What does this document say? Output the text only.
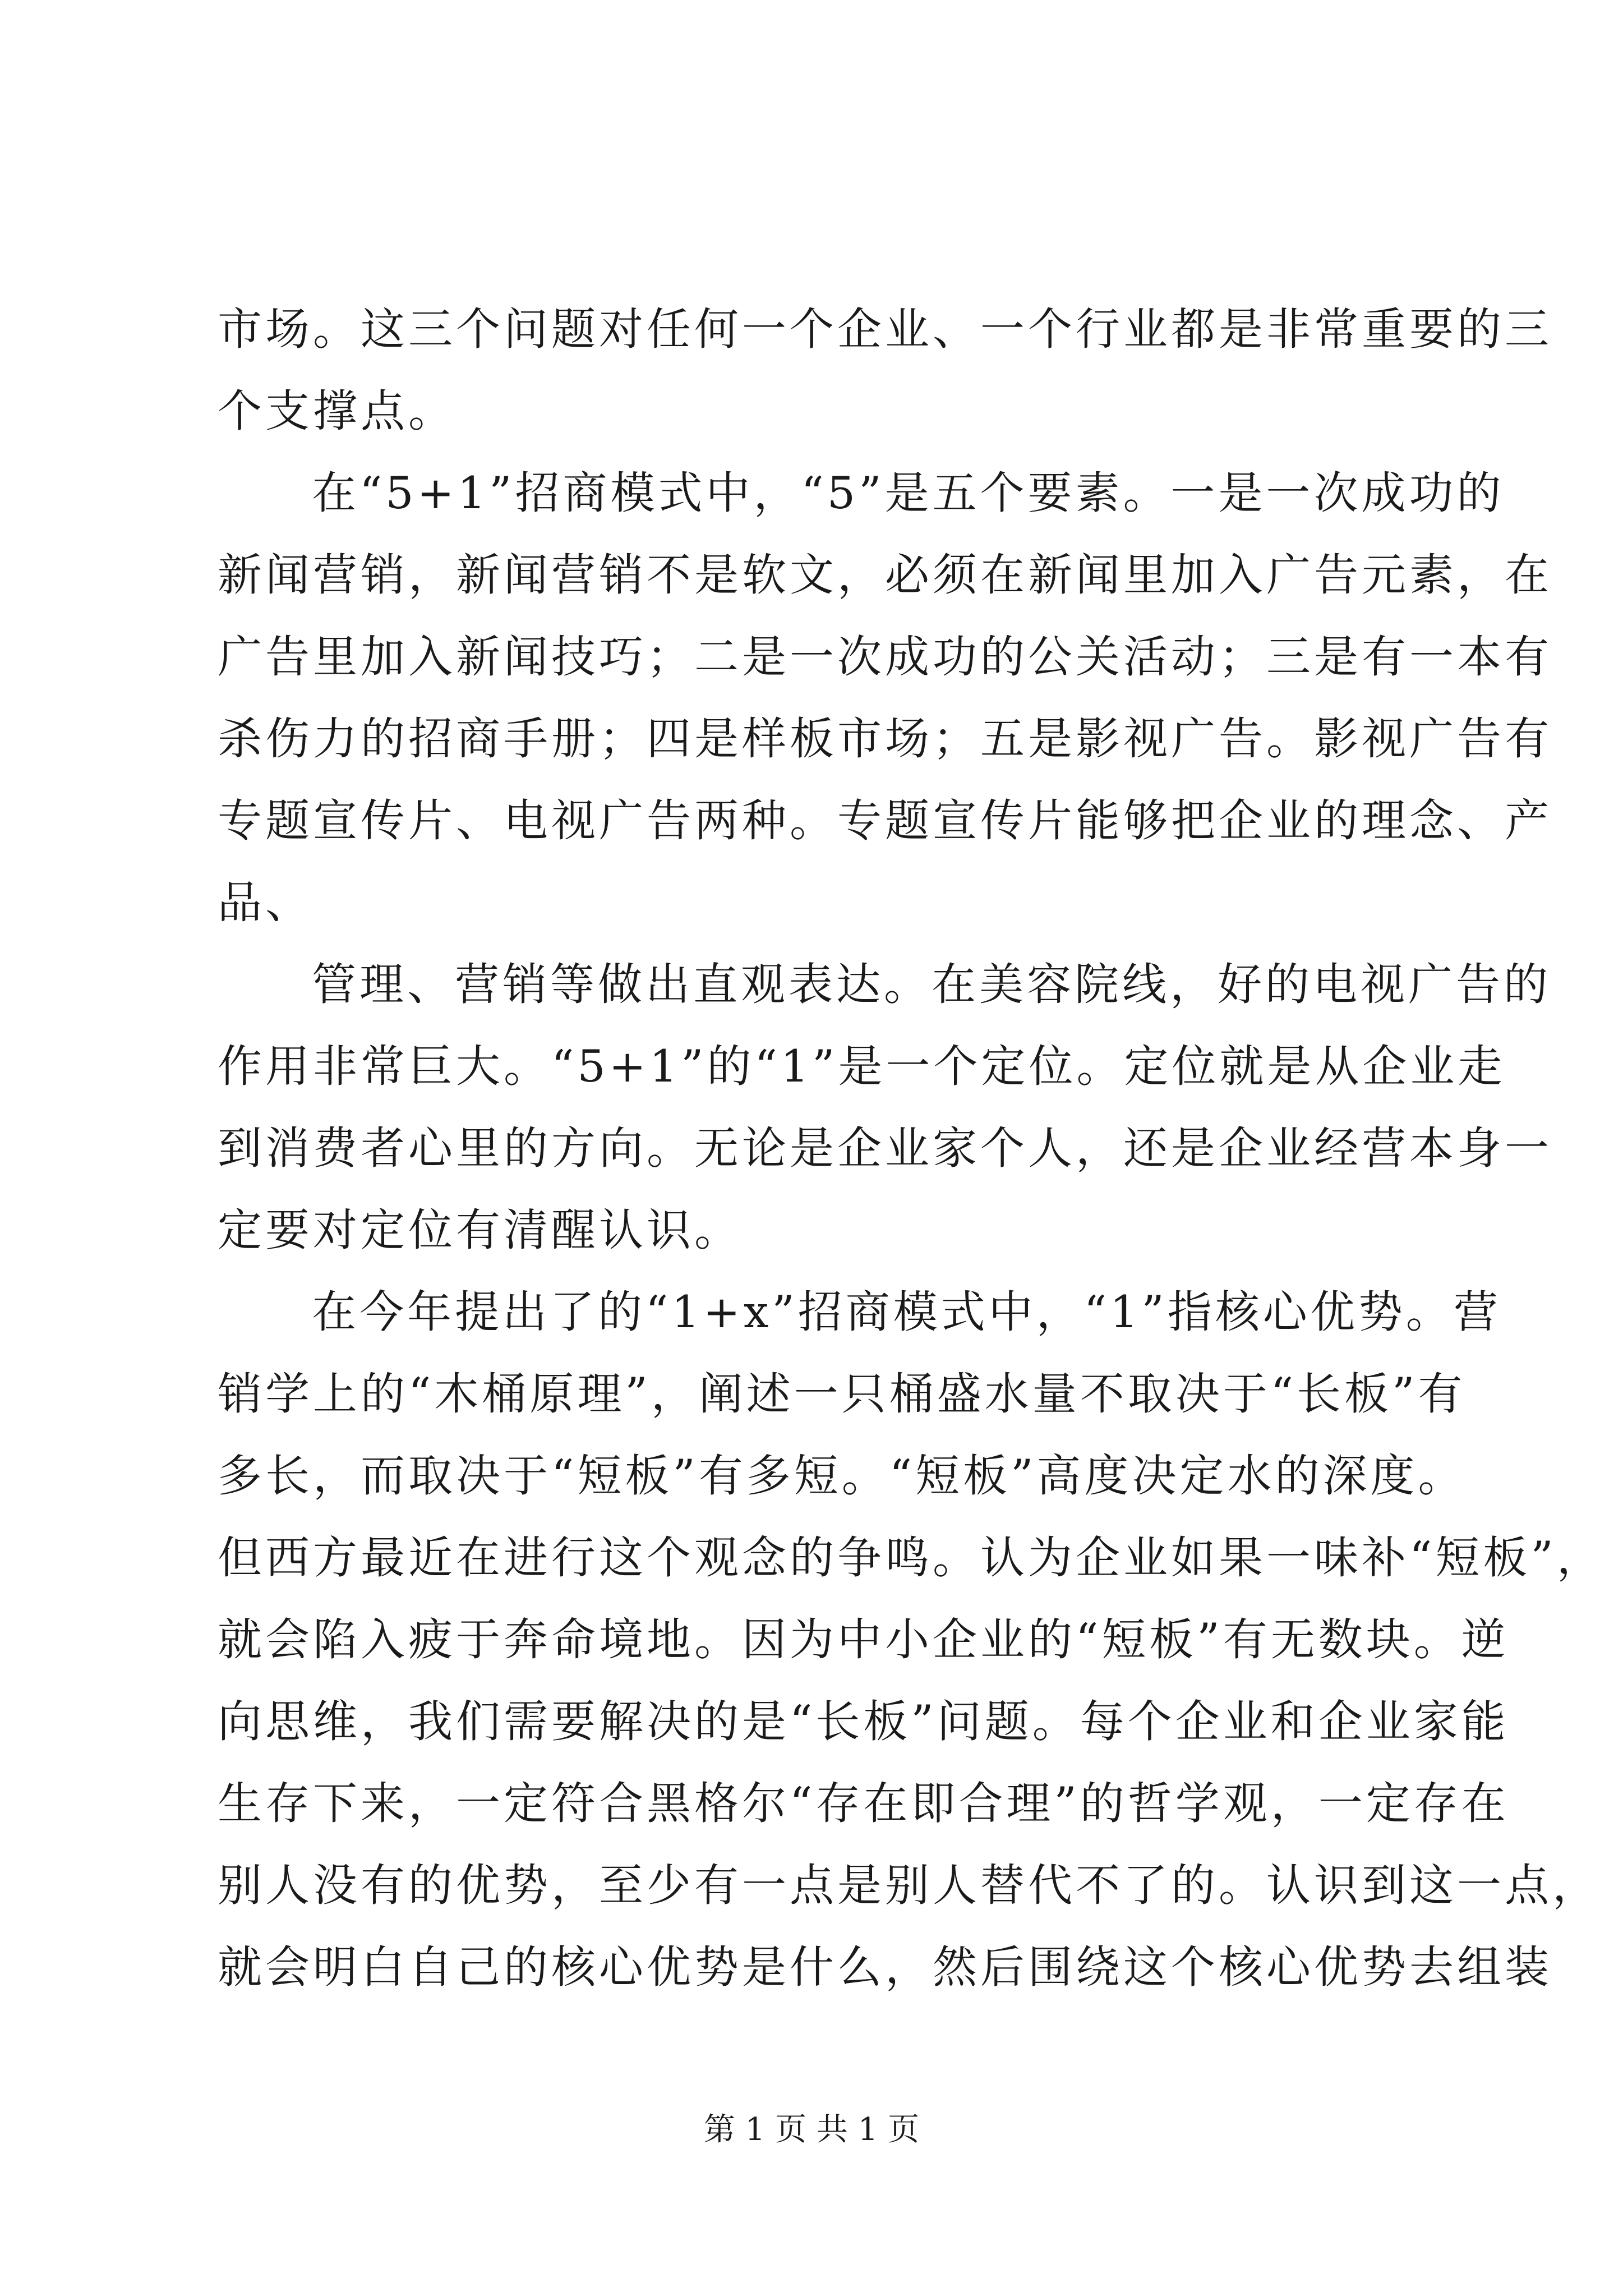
市场。这三个问题对任何一个企业、一个行业都是非常重要的三
个支撑点。
在“5+1”招商模式中，“5”是五个要素。一是一次成功的
新闻营销，新闻营销不是软文，必须在新闻里加入广告元素，在
广告里加入新闻技巧；二是一次成功的公关活动；三是有一本有
杀伤力的招商手册；四是样板市场；五是影视广告。影视广告有
专题宣传片、电视广告两种。专题宣传片能够把企业的理念、产
品、
管理、营销等做出直观表达。在美容院线，好的电视广告的
作用非常巨大。“5+1”的“1”是一个定位。定位就是从企业走
到消费者心里的方向。无论是企业家个人，还是企业经营本身一
定要对定位有清醒认识。
在今年提出了的“1+x”招商模式中，“1”指核心优势。营
销学上的“木桶原理”，阐述一只桶盛水量不取决于“长板”有
多长，而取决于“短板”有多短。“短板”高度决定水的深度。
但西方最近在进行这个观念的争鸣。认为企业如果一味补“短板”，
就会陷入疲于奔命境地。因为中小企业的“短板”有无数块。逆
向思维，我们需要解决的是“长板”问题。每个企业和企业家能
生存下来，一定符合黑格尔“存在即合理”的哲学观，一定存在
别人没有的优势，至少有一点是别人替代不了的。认识到这一点，
就会明白自己的核心优势是什么，然后围绕这个核心优势去组装
第 1 页 共 1 页
